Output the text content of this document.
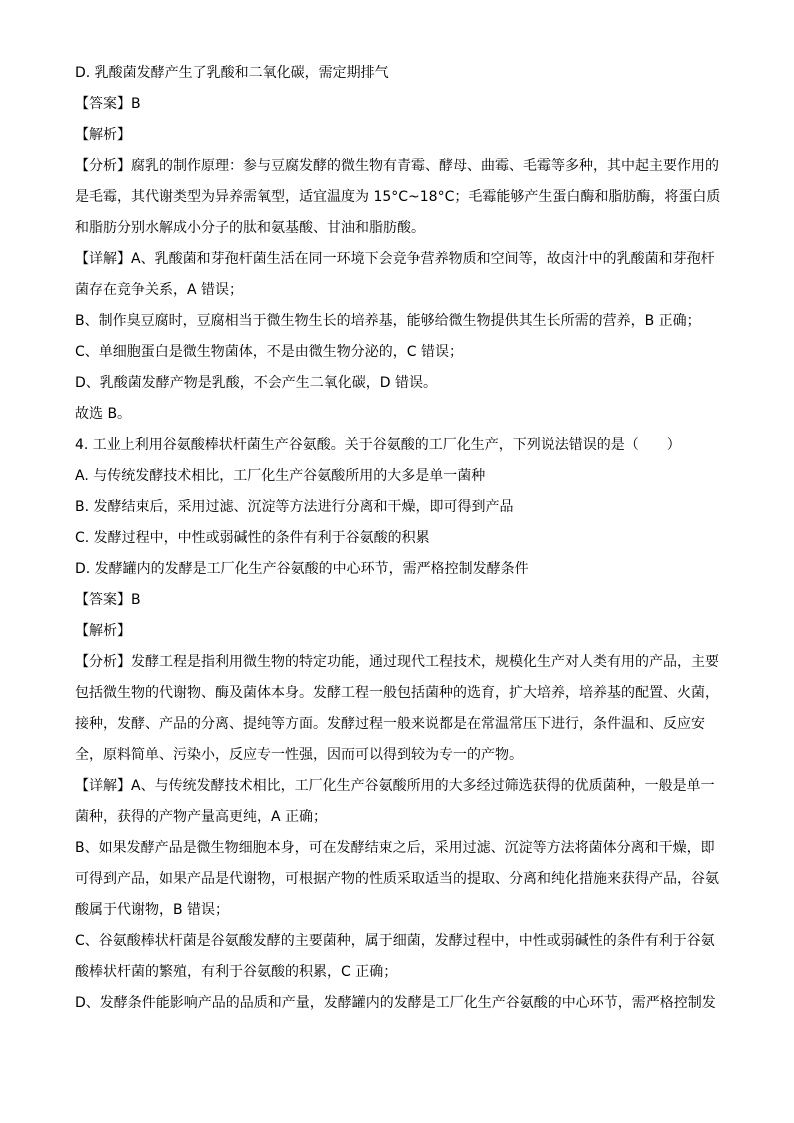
D. 乳酸菌发酵产生了乳酸和二氧化碳，需定期排气
【答案】B
【解析】
【分析】腐乳的制作原理：参与豆腐发酵的微生物有青霉、酵母、曲霉、毛霉等多种，其中起主要作用的
是毛霉，其代谢类型为异养需氧型，适宜温度为 15°C~18°C；毛霉能够产生蛋白酶和脂肪酶，将蛋白质
和脂肪分别水解成小分子的肽和氨基酸、甘油和脂肪酸。
【详解】A、乳酸菌和芽孢杆菌生活在同一环境下会竞争营养物质和空间等，故卤汁中的乳酸菌和芽孢杆
菌存在竞争关系，A 错误；
B、制作臭豆腐时，豆腐相当于微生物生长的培养基，能够给微生物提供其生长所需的营养，B 正确；
C、单细胞蛋白是微生物菌体，不是由微生物分泌的，C 错误；
D、乳酸菌发酵产物是乳酸，不会产生二氧化碳，D 错误。
故选 B。
4. 工业上利用谷氨酸棒状杆菌生产谷氨酸。关于谷氨酸的工厂化生产，下列说法错误的是（　　）
A. 与传统发酵技术相比，工厂化生产谷氨酸所用的大多是单一菌种
B. 发酵结束后，采用过滤、沉淀等方法进行分离和干燥，即可得到产品
C. 发酵过程中，中性或弱碱性的条件有利于谷氨酸的积累
D. 发酵罐内的发酵是工厂化生产谷氨酸的中心环节，需严格控制发酵条件
【答案】B
【解析】
【分析】发酵工程是指利用微生物的特定功能，通过现代工程技术，规模化生产对人类有用的产品，主要
包括微生物的代谢物、酶及菌体本身。发酵工程一般包括菌种的选育，扩大培养，培养基的配置、火菌，
接种，发酵、产品的分离、提纯等方面。发酵过程一般来说都是在常温常压下进行，条件温和、反应安
全，原料简单、污染小，反应专一性强，因而可以得到较为专一的产物。
【详解】A、与传统发酵技术相比，工厂化生产谷氨酸所用的大多经过筛选获得的优质菌种，一般是单一
菌种，获得的产物产量高更纯，A 正确；
B、如果发酵产品是微生物细胞本身，可在发酵结束之后，采用过滤、沉淀等方法将菌体分离和干燥，即
可得到产品，如果产品是代谢物，可根据产物的性质采取适当的提取、分离和纯化措施来获得产品，谷氨
酸属于代谢物，B 错误；
C、谷氨酸棒状杆菌是谷氨酸发酵的主要菌种，属于细菌，发酵过程中，中性或弱碱性的条件有利于谷氨
酸棒状杆菌的繁殖，有利于谷氨酸的积累，C 正确；
D、发酵条件能影响产品的品质和产量，发酵罐内的发酵是工厂化生产谷氨酸的中心环节，需严格控制发
